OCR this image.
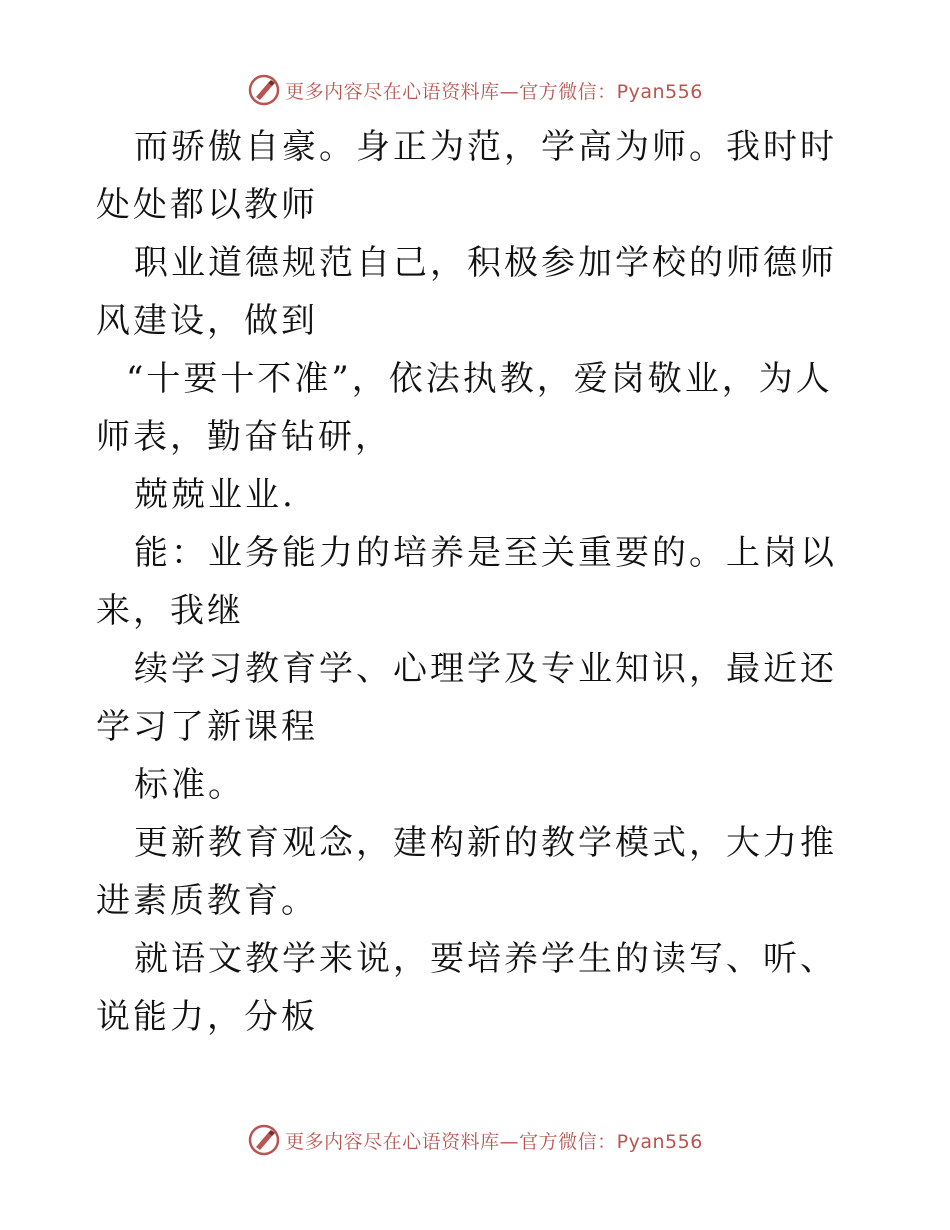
更多内容尽在心语资料库—官方微信：Pyan556

而骄傲自豪。身正为范，学高为师。我时时处处都以教师

职业道德规范自己，积极参加学校的师德师风建设，做到

“十要十不准”，依法执教，爱岗敬业，为人师表，勤奋钻研，

兢兢业业.

能：业务能力的培养是至关重要的。上岗以来，我继

续学习教育学、心理学及专业知识，最近还学习了新课程

标准。

更新教育观念，建构新的教学模式，大力推进素质教育。

就语文教学来说，要培养学生的读写、听、说能力，分板

更多内容尽在心语资料库—官方微信：Pyan556
